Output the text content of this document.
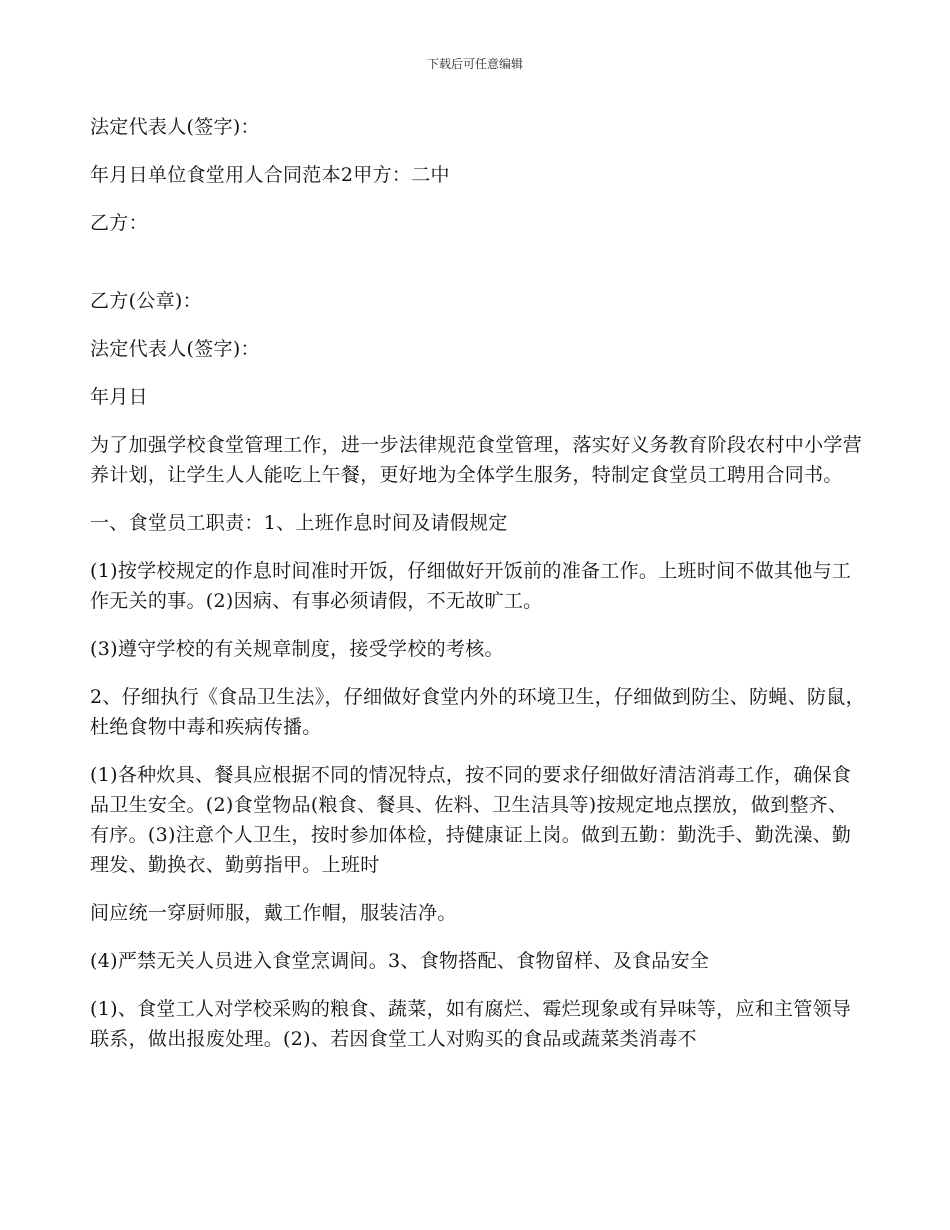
下载后可任意编辑

法定代表人(签字)：

年月日单位食堂用人合同范本2甲方：二中

乙方：

乙方(公章)：

法定代表人(签字)：

年月日

为了加强学校食堂管理工作，进一步法律规范食堂管理，落实好义务教育阶段农村中小学营养计划，让学生人人能吃上午餐，更好地为全体学生服务，特制定食堂员工聘用合同书。

一、食堂员工职责：1、上班作息时间及请假规定

(1)按学校规定的作息时间准时开饭，仔细做好开饭前的准备工作。上班时间不做其他与工作无关的事。(2)因病、有事必须请假，不无故旷工。

(3)遵守学校的有关规章制度，接受学校的考核。

2、仔细执行《食品卫生法》，仔细做好食堂内外的环境卫生，仔细做到防尘、防蝇、防鼠，杜绝食物中毒和疾病传播。

(1)各种炊具、餐具应根据不同的情况特点，按不同的要求仔细做好清洁消毒工作，确保食品卫生安全。(2)食堂物品(粮食、餐具、佐料、卫生洁具等)按规定地点摆放，做到整齐、有序。(3)注意个人卫生，按时参加体检，持健康证上岗。做到五勤：勤洗手、勤洗澡、勤理发、勤换衣、勤剪指甲。上班时

间应统一穿厨师服，戴工作帽，服装洁净。

(4)严禁无关人员进入食堂烹调间。3、食物搭配、食物留样、及食品安全

(1)、食堂工人对学校采购的粮食、蔬菜，如有腐烂、霉烂现象或有异味等，应和主管领导联系，做出报废处理。(2)、若因食堂工人对购买的食品或蔬菜类消毒不
